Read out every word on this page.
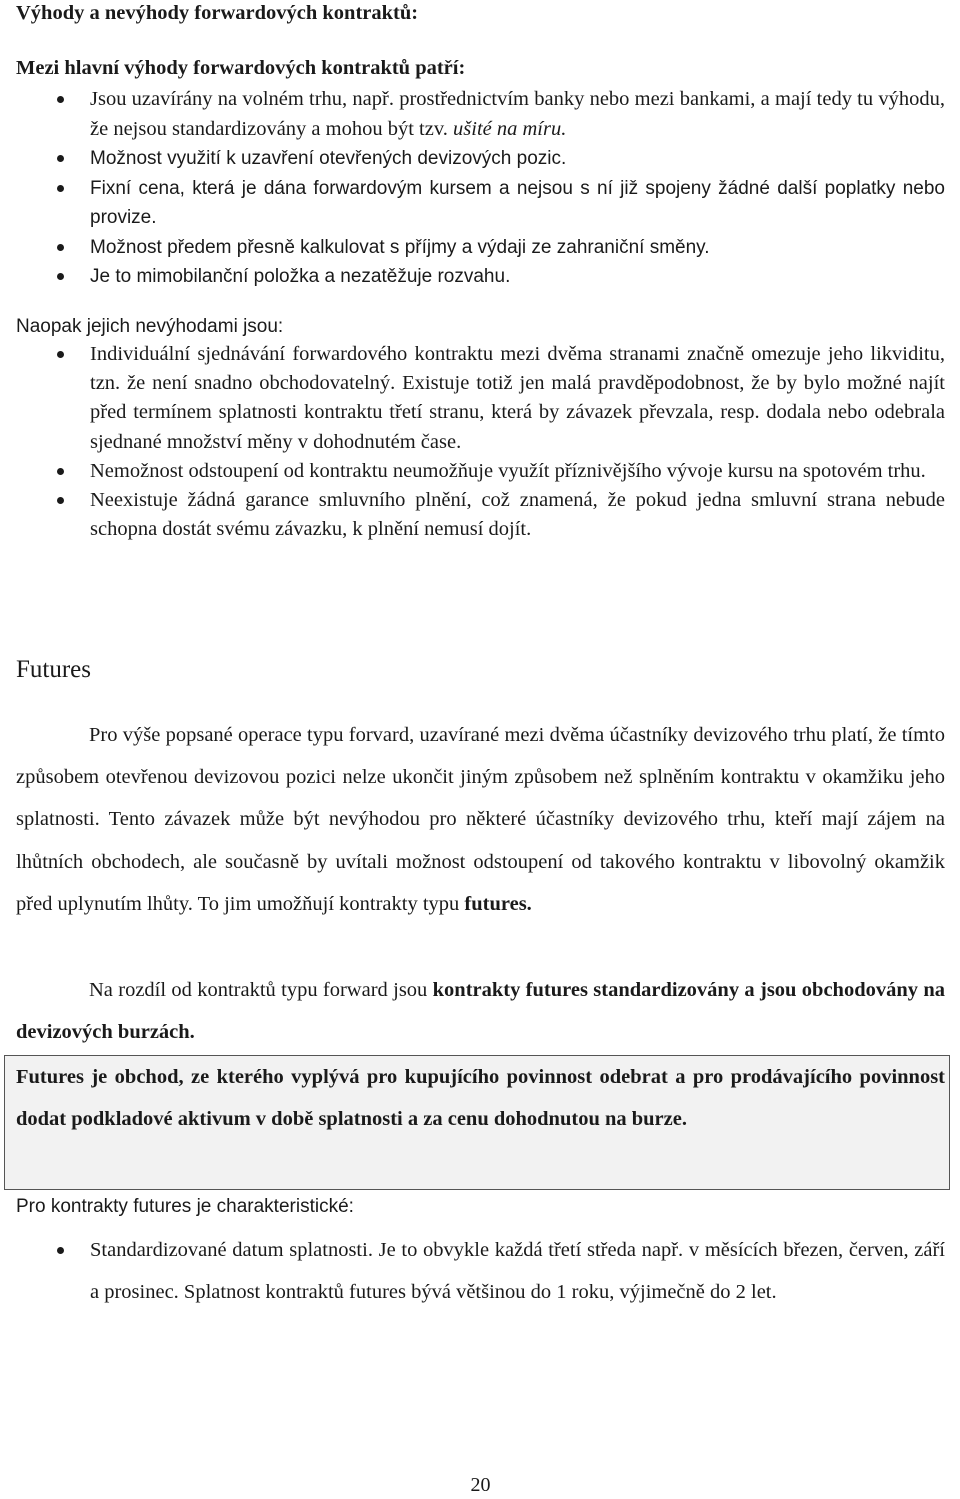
Výhody a nevýhody forwardových kontraktů:
Mezi hlavní výhody forwardových kontraktů patří:
Jsou uzavírány na volném trhu, např. prostřednictvím banky nebo mezi bankami, a mají tedy tu výhodu, že nejsou standardizovány a mohou být tzv. ušité na míru.
Možnost využití k uzavření otevřených devizových pozic.
Fixní cena, která je dána forwardovým kursem a nejsou s ní již spojeny žádné další poplatky nebo provize.
Možnost předem přesně kalkulovat s příjmy a výdaji ze zahraniční směny.
Je to mimobilanční položka a nezatěžuje rozvahu.
Naopak jejich nevýhodami jsou:
Individuální sjednávání forwardového kontraktu mezi dvěma stranami značně omezuje jeho likviditu, tzn. že není snadno obchodovatelný. Existuje totiž jen malá pravděpodobnost, že by bylo možné najít před termínem splatnosti kontraktu třetí stranu, která by závazek převzala, resp. dodala nebo odebrala sjednané množství měny v dohodnutém čase.
Nemožnost odstoupení od kontraktu neumožňuje využít příznivějšího vývoje kursu na spotovém trhu.
Neexistuje žádná garance smluvního plnění, což znamená, že pokud jedna smluvní strana nebude schopna dostát svému závazku, k plnění nemusí dojít.
Futures
Pro výše popsané operace typu forvard, uzavírané mezi dvěma účastníky devizového trhu platí, že tímto způsobem otevřenou devizovou pozici nelze ukončit jiným způsobem než splněním kontraktu v okamžiku jeho splatnosti. Tento závazek může být nevýhodou pro některé účastníky devizového trhu, kteří mají zájem na lhůtních obchodech, ale současně by uvítali možnost odstoupení od takového kontraktu v libovolný okamžik před uplynutím lhůty. To jim umožňují kontrakty typu futures.
Na rozdíl od kontraktů typu forward jsou kontrakty futures standardizovány a jsou obchodovány na devizových burzách.
Futures je obchod, ze kterého vyplývá pro kupujícího povinnost odebrat a pro prodávajícího povinnost dodat podkladové aktivum v době splatnosti a za cenu dohodnutou na burze.
Pro kontrakty futures je charakteristické:
Standardizované datum splatnosti. Je to obvykle každá třetí středa např. v měsících březen, červen, září a prosinec. Splatnost kontraktů futures bývá většinou do 1 roku, výjimečně do 2 let.
20
